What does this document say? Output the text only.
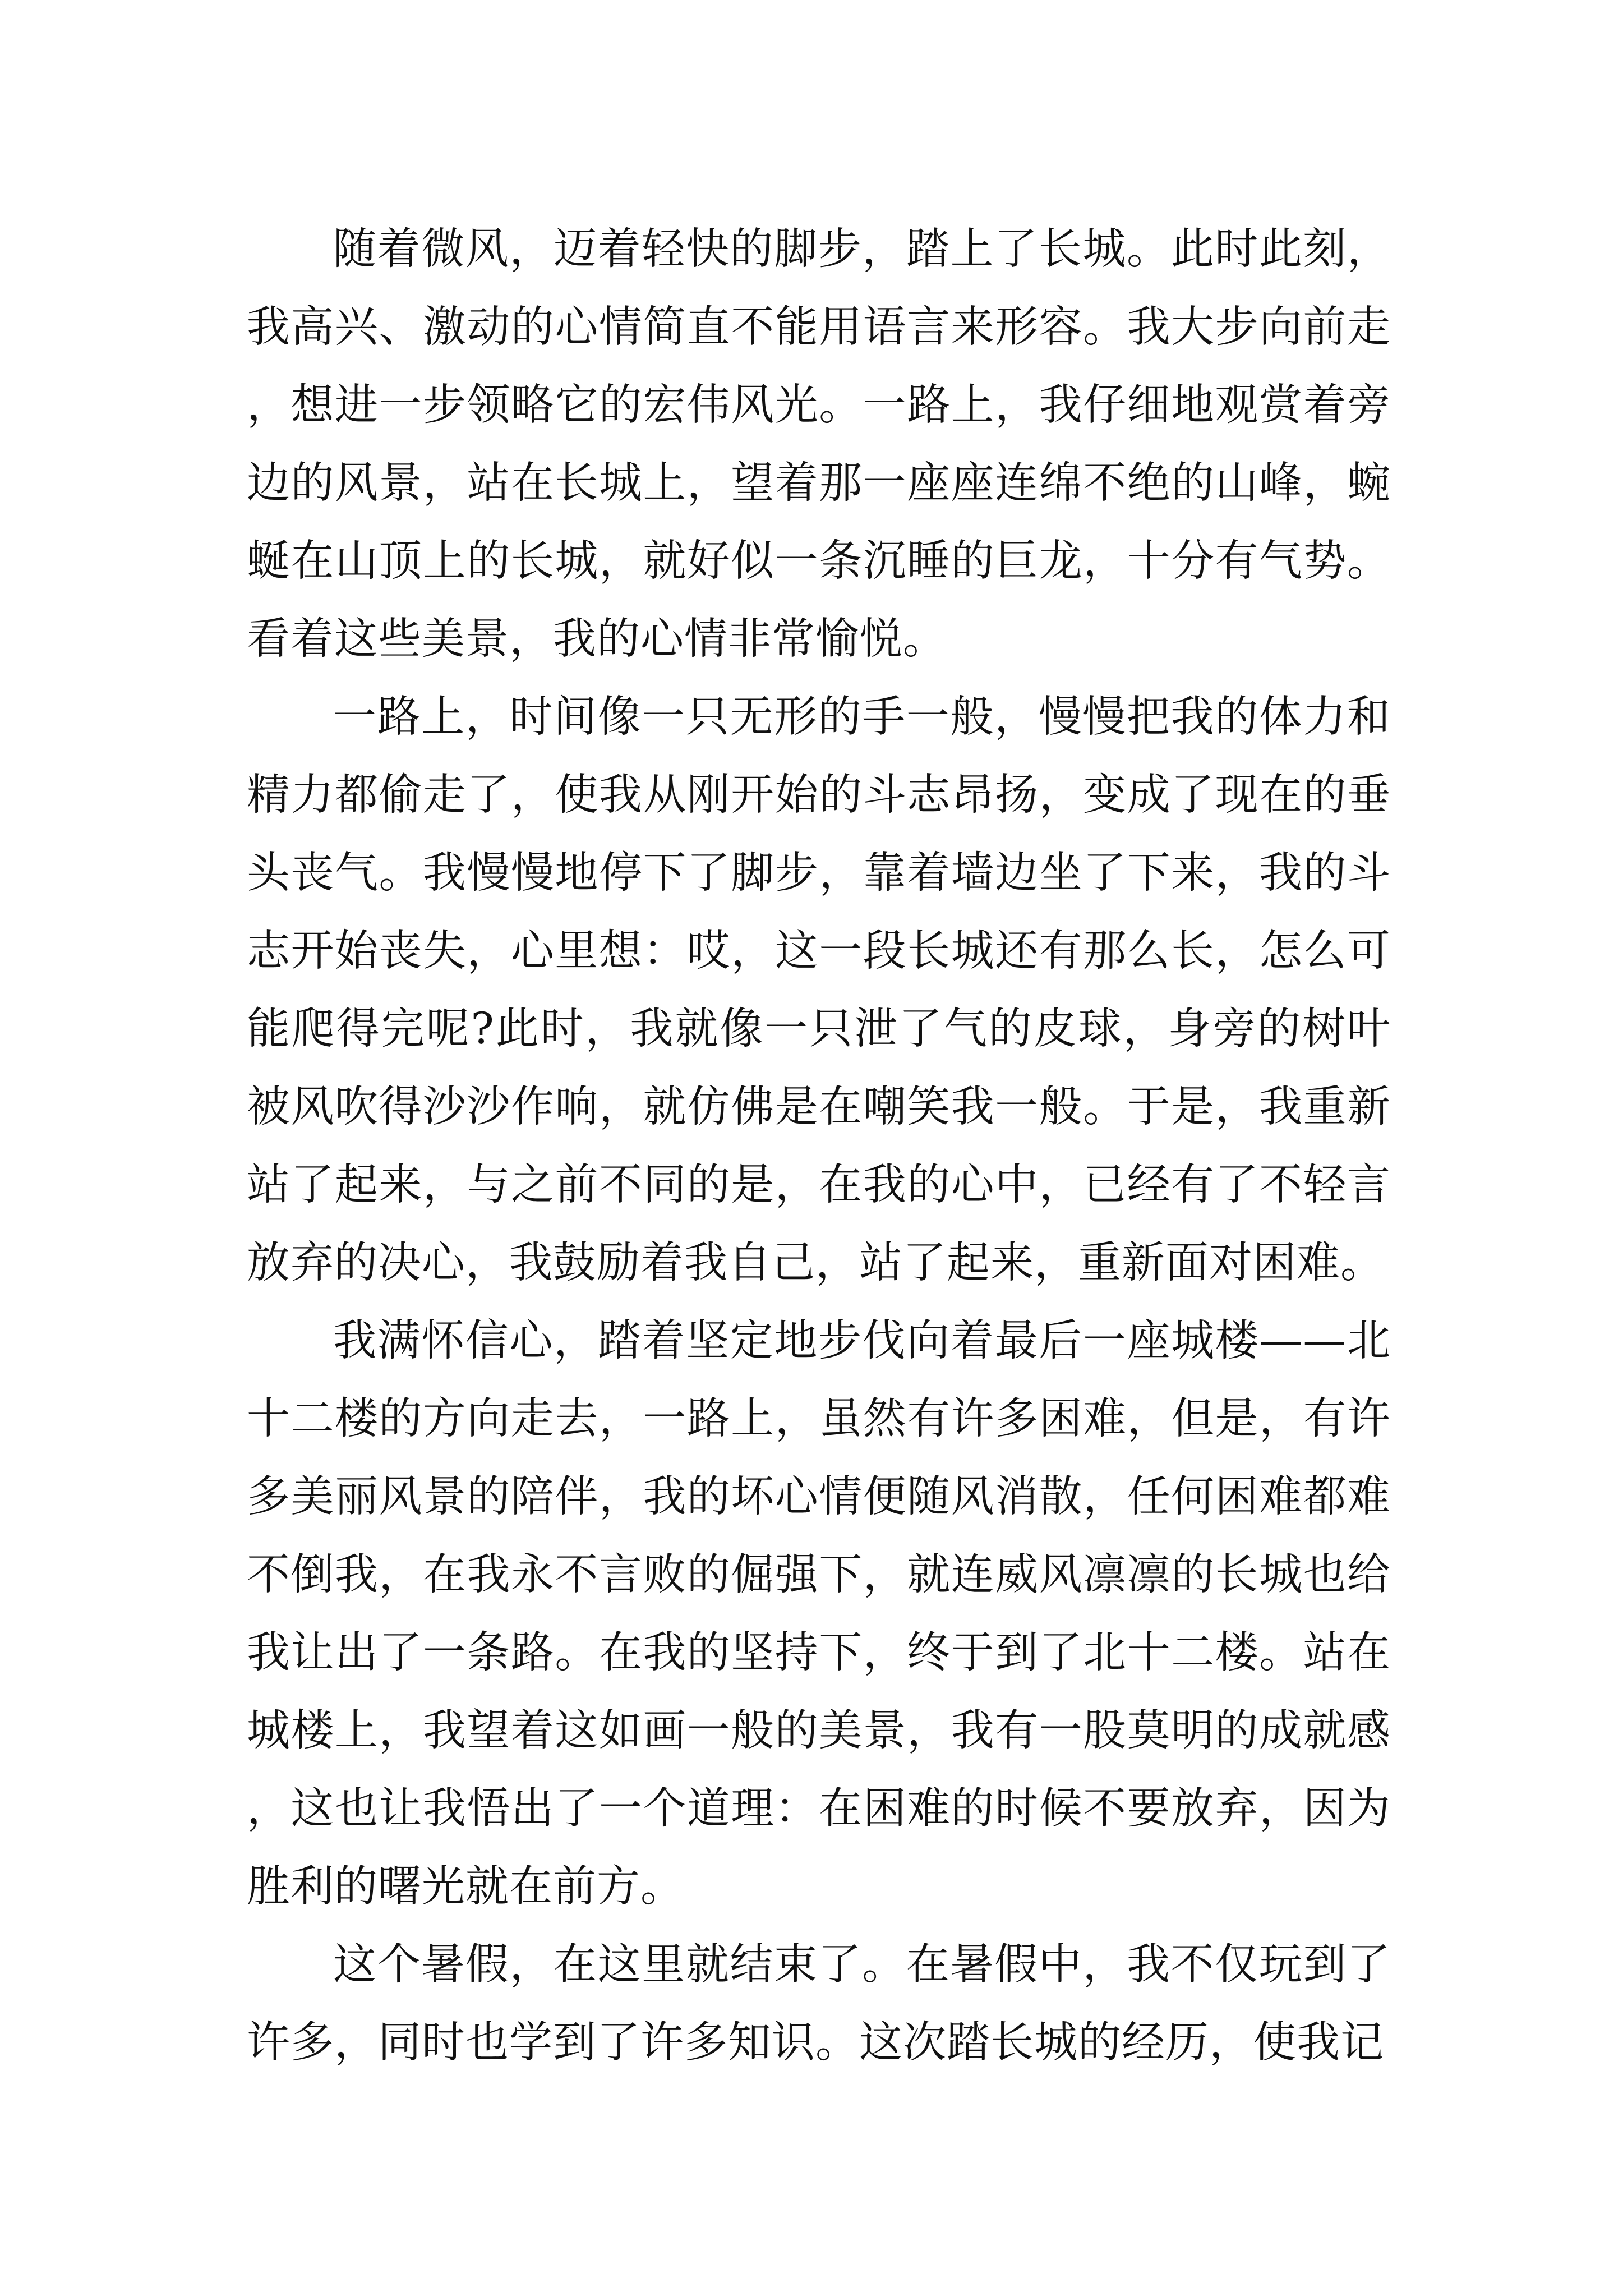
随着微风，迈着轻快的脚步，踏上了长城。此时此刻，我高兴、激动的心情简直不能用语言来形容。我大步向前走，想进一步领略它的宏伟风光。一路上，我仔细地观赏着旁边的风景，站在长城上，望着那一座座连绵不绝的山峰，蜿蜒在山顶上的长城，就好似一条沉睡的巨龙，十分有气势。看着这些美景，我的心情非常愉悦。

一路上，时间像一只无形的手一般，慢慢把我的体力和精力都偷走了，使我从刚开始的斗志昂扬，变成了现在的垂头丧气。我慢慢地停下了脚步，靠着墙边坐了下来，我的斗志开始丧失，心里想：哎，这一段长城还有那么长，怎么可能爬得完呢?此时，我就像一只泄了气的皮球，身旁的树叶被风吹得沙沙作响，就仿佛是在嘲笑我一般。于是，我重新站了起来，与之前不同的是，在我的心中，已经有了不轻言放弃的决心，我鼓励着我自己，站了起来，重新面对困难。

我满怀信心，踏着坚定地步伐向着最后一座城楼——北十二楼的方向走去，一路上，虽然有许多困难，但是，有许多美丽风景的陪伴，我的坏心情便随风消散，任何困难都难不倒我，在我永不言败的倔强下，就连威风凛凛的长城也给我让出了一条路。在我的坚持下，终于到了北十二楼。站在城楼上，我望着这如画一般的美景，我有一股莫明的成就感，这也让我悟出了一个道理：在困难的时候不要放弃，因为胜利的曙光就在前方。

这个暑假，在这里就结束了。在暑假中，我不仅玩到了许多，同时也学到了许多知识。这次踏长城的经历，使我记
